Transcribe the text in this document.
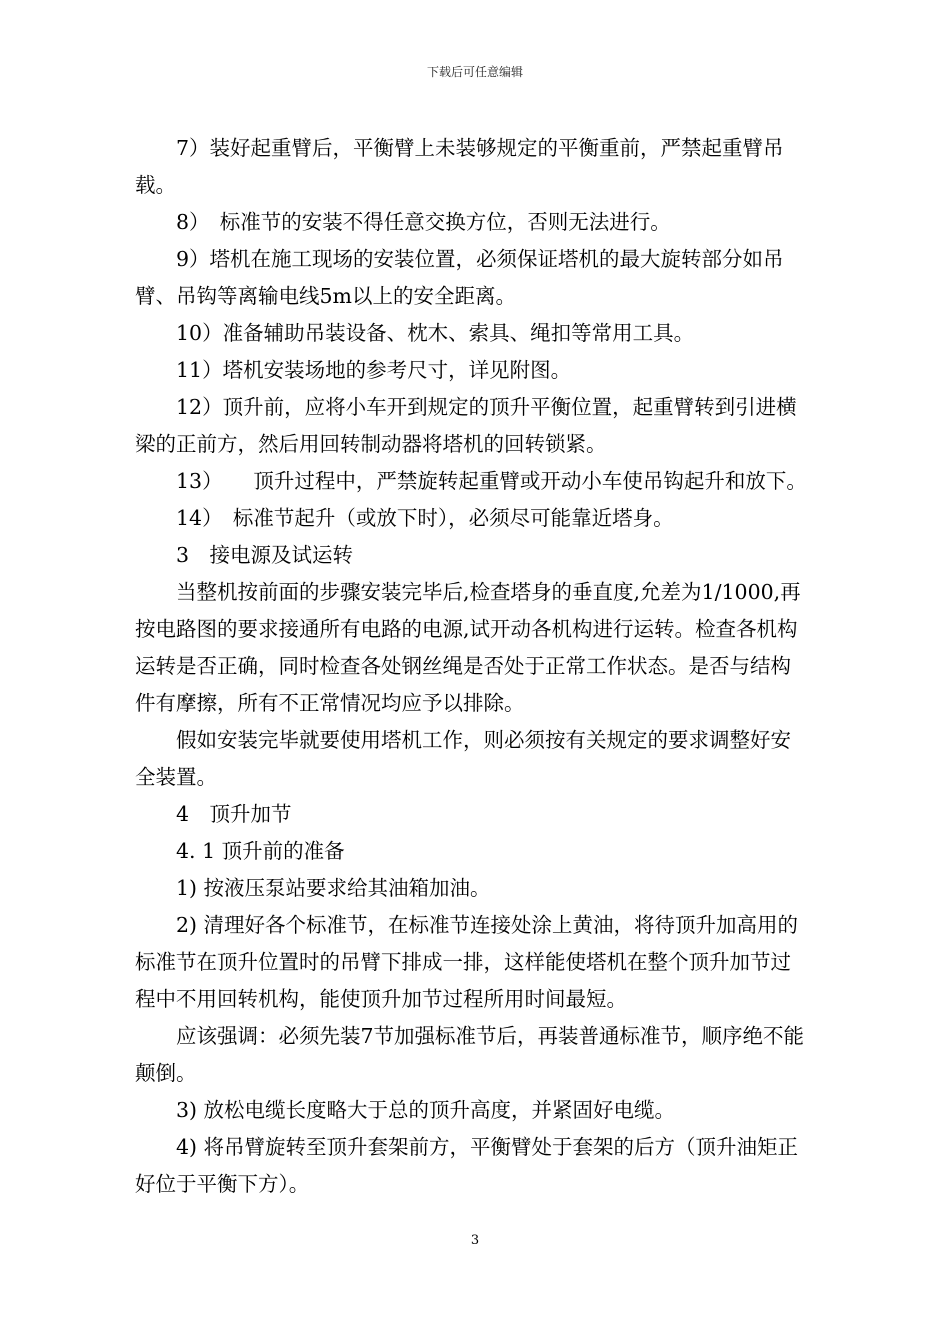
下载后可任意编辑

7）装好起重臂后，平衡臂上未装够规定的平衡重前，严禁起重臂吊载。

8）　标准节的安装不得任意交换方位，否则无法进行。

9）塔机在施工现场的安装位置，必须保证塔机的最大旋转部分如吊臂、吊钩等离输电线5m以上的安全距离。

10）准备辅助吊装设备、枕木、索具、绳扣等常用工具。

11）塔机安装场地的参考尺寸，详见附图。

12）顶升前，应将小车开到规定的顶升平衡位置，起重臂转到引进横梁的正前方，然后用回转制动器将塔机的回转锁紧。

13）　　顶升过程中，严禁旋转起重臂或开动小车使吊钩起升和放下。

14）　标准节起升（或放下时），必须尽可能靠近塔身。

3　接电源及试运转

当整机按前面的步骤安装完毕后,检查塔身的垂直度,允差为1/1000,再按电路图的要求接通所有电路的电源,试开动各机构进行运转。检查各机构运转是否正确，同时检查各处钢丝绳是否处于正常工作状态。是否与结构件有摩擦，所有不正常情况均应予以排除。

假如安装完毕就要使用塔机工作，则必须按有关规定的要求调整好安全装置。

4　顶升加节

4. 1 顶升前的准备

1) 按液压泵站要求给其油箱加油。

2) 清理好各个标准节，在标准节连接处涂上黄油，将待顶升加高用的标准节在顶升位置时的吊臂下排成一排，这样能使塔机在整个顶升加节过程中不用回转机构，能使顶升加节过程所用时间最短。

应该强调：必须先装7节加强标准节后，再装普通标准节，顺序绝不能颠倒。

3) 放松电缆长度略大于总的顶升高度，并紧固好电缆。

4) 将吊臂旋转至顶升套架前方，平衡臂处于套架的后方（顶升油矩正好位于平衡下方）。

3
